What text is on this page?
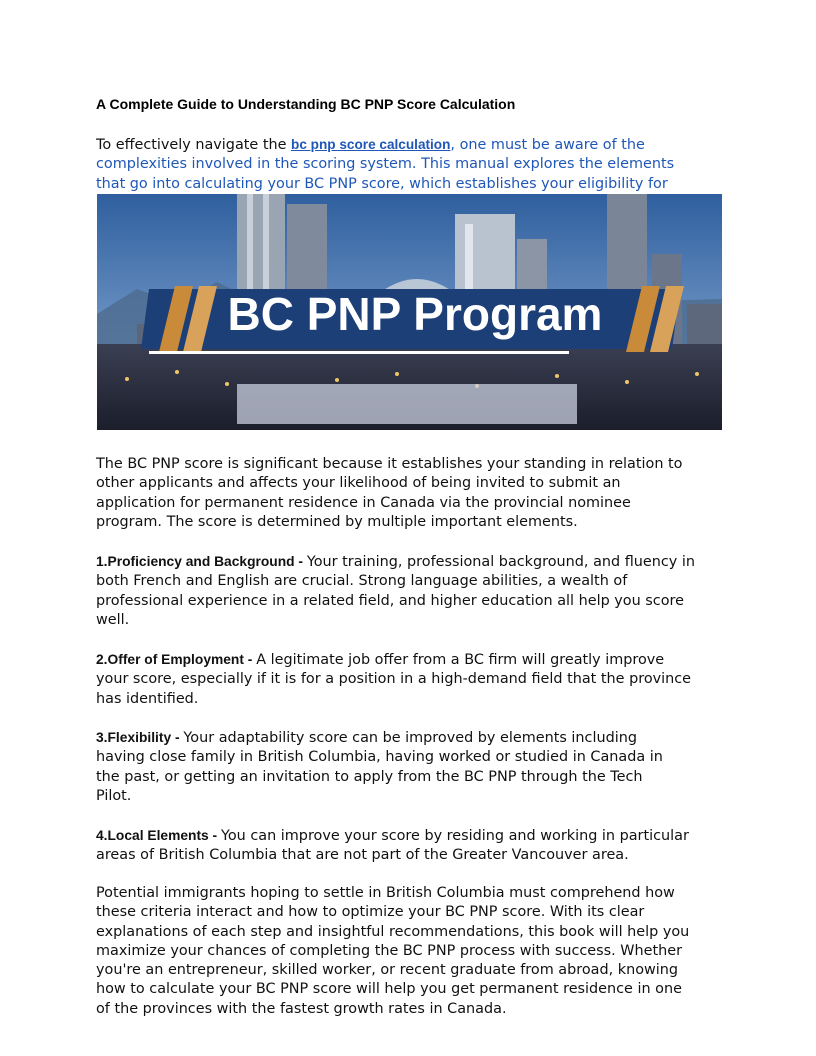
A Complete Guide to Understanding BC PNP Score Calculation
To effectively navigate the bc pnp score calculation, one must be aware of the
complexities involved in the scoring system. This manual explores the elements
that go into calculating your BC PNP score, which establishes your eligibility for
BC PNP Program
The BC PNP score is significant because it establishes your standing in relation to
other applicants and affects your likelihood of being invited to submit an
application for permanent residence in Canada via the provincial nominee
program. The score is determined by multiple important elements.
1.Proficiency and Background - Your training, professional background, and fluency in
both French and English are crucial. Strong language abilities, a wealth of
professional experience in a related field, and higher education all help you score
well.
2.Offer of Employment - A legitimate job offer from a BC firm will greatly improve
your score, especially if it is for a position in a high-demand field that the province
has identified.
3.Flexibility - Your adaptability score can be improved by elements including
having close family in British Columbia, having worked or studied in Canada in
the past, or getting an invitation to apply from the BC PNP through the Tech
Pilot.
4.Local Elements - You can improve your score by residing and working in particular
areas of British Columbia that are not part of the Greater Vancouver area.
Potential immigrants hoping to settle in British Columbia must comprehend how
these criteria interact and how to optimize your BC PNP score. With its clear
explanations of each step and insightful recommendations, this book will help you
maximize your chances of completing the BC PNP process with success. Whether
you're an entrepreneur, skilled worker, or recent graduate from abroad, knowing
how to calculate your BC PNP score will help you get permanent residence in one
of the provinces with the fastest growth rates in Canada.
